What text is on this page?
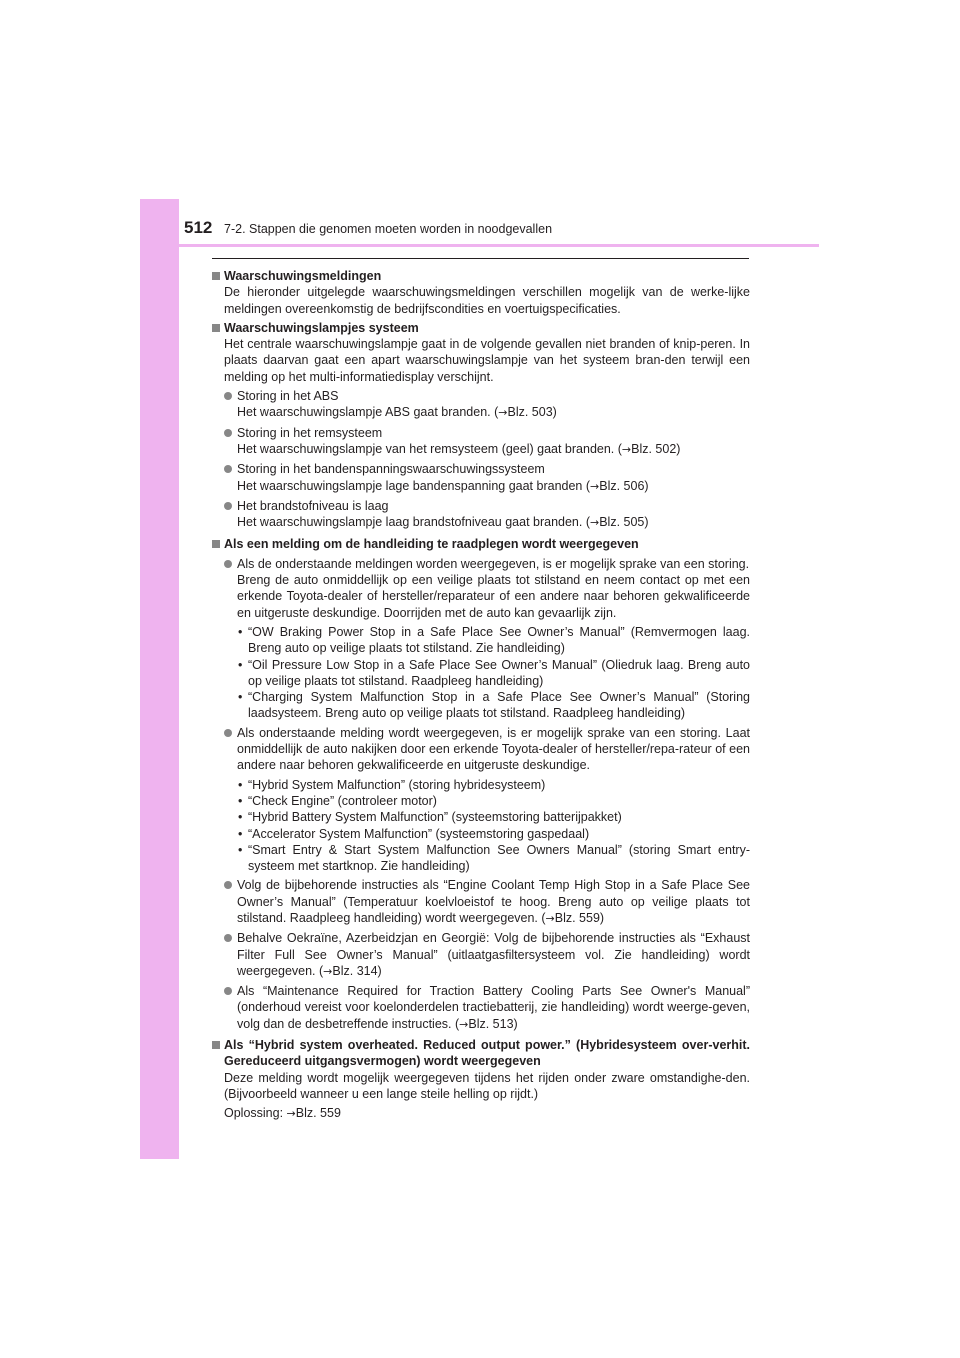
512 7-2. Stappen die genomen moeten worden in noodgevallen
Waarschuwingsmeldingen
De hieronder uitgelegde waarschuwingsmeldingen verschillen mogelijk van de werke-lijke meldingen overeenkomstig de bedrijfscondities en voertuigspecificaties.
Waarschuwingslampjes systeem
Het centrale waarschuwingslampje gaat in de volgende gevallen niet branden of knip-peren. In plaats daarvan gaat een apart waarschuwingslampje van het systeem bran-den terwijl een melding op het multi-informatiedisplay verschijnt.
Storing in het ABS
Het waarschuwingslampje ABS gaat branden. (→Blz. 503)
Storing in het remsysteem
Het waarschuwingslampje van het remsysteem (geel) gaat branden. (→Blz. 502)
Storing in het bandenspanningswaarschuwingssysteem
Het waarschuwingslampje lage bandenspanning gaat branden (→Blz. 506)
Het brandstofniveau is laag
Het waarschuwingslampje laag brandstofniveau gaat branden. (→Blz. 505)
Als een melding om de handleiding te raadplegen wordt weergegeven
Als de onderstaande meldingen worden weergegeven, is er mogelijk sprake van een storing.
Breng de auto onmiddellijk op een veilige plaats tot stilstand en neem contact op met een erkende Toyota-dealer of hersteller/reparateur of een andere naar behoren gekwalificeerde en uitgeruste deskundige. Doorrijden met de auto kan gevaarlijk zijn.
• “OW Braking Power Stop in a Safe Place See Owner’s Manual” (Remvermogen laag. Breng auto op veilige plaats tot stilstand. Zie handleiding)
• “Oil Pressure Low Stop in a Safe Place See Owner’s Manual” (Oliedruk laag. Breng auto op veilige plaats tot stilstand. Raadpleeg handleiding)
• “Charging System Malfunction Stop in a Safe Place See Owner’s Manual” (Storing laadsysteem. Breng auto op veilige plaats tot stilstand. Raadpleeg handleiding)
Als onderstaande melding wordt weergegeven, is er mogelijk sprake van een storing. Laat onmiddellijk de auto nakijken door een erkende Toyota-dealer of hersteller/repa-rateur of een andere naar behoren gekwalificeerde en uitgeruste deskundige.
• “Hybrid System Malfunction” (storing hybridesysteem)
• “Check Engine” (controleer motor)
• “Hybrid Battery System Malfunction” (systeemstoring batterijpakket)
• “Accelerator System Malfunction” (systeemstoring gaspedaal)
• “Smart Entry & Start System Malfunction See Owners Manual” (storing Smart entry-systeem met startknop. Zie handleiding)
Volg de bijbehorende instructies als “Engine Coolant Temp High Stop in a Safe Place See Owner’s Manual” (Temperatuur koelvloeistof te hoog. Breng auto op veilige plaats tot stilstand. Raadpleeg handleiding) wordt weergegeven. (→Blz. 559)
Behalve Oekraïne, Azerbeidzjan en Georgië: Volg de bijbehorende instructies als “Exhaust Filter Full See Owner’s Manual” (uitlaatgasfiltersysteem vol. Zie handleiding) wordt weergegeven. (→Blz. 314)
Als “Maintenance Required for Traction Battery Cooling Parts See Owner's Manual” (onderhoud vereist voor koelonderdelen tractiebatterij, zie handleiding) wordt weerge-geven, volg dan de desbetreffende instructies. (→Blz. 513)
Als “Hybrid system overheated. Reduced output power.” (Hybridesysteem over-verhit. Gereduceerd uitgangsvermogen) wordt weergegeven
Deze melding wordt mogelijk weergegeven tijdens het rijden onder zware omstandighe-den. (Bijvoorbeeld wanneer u een lange steile helling op rijdt.)
Oplossing: →Blz. 559
